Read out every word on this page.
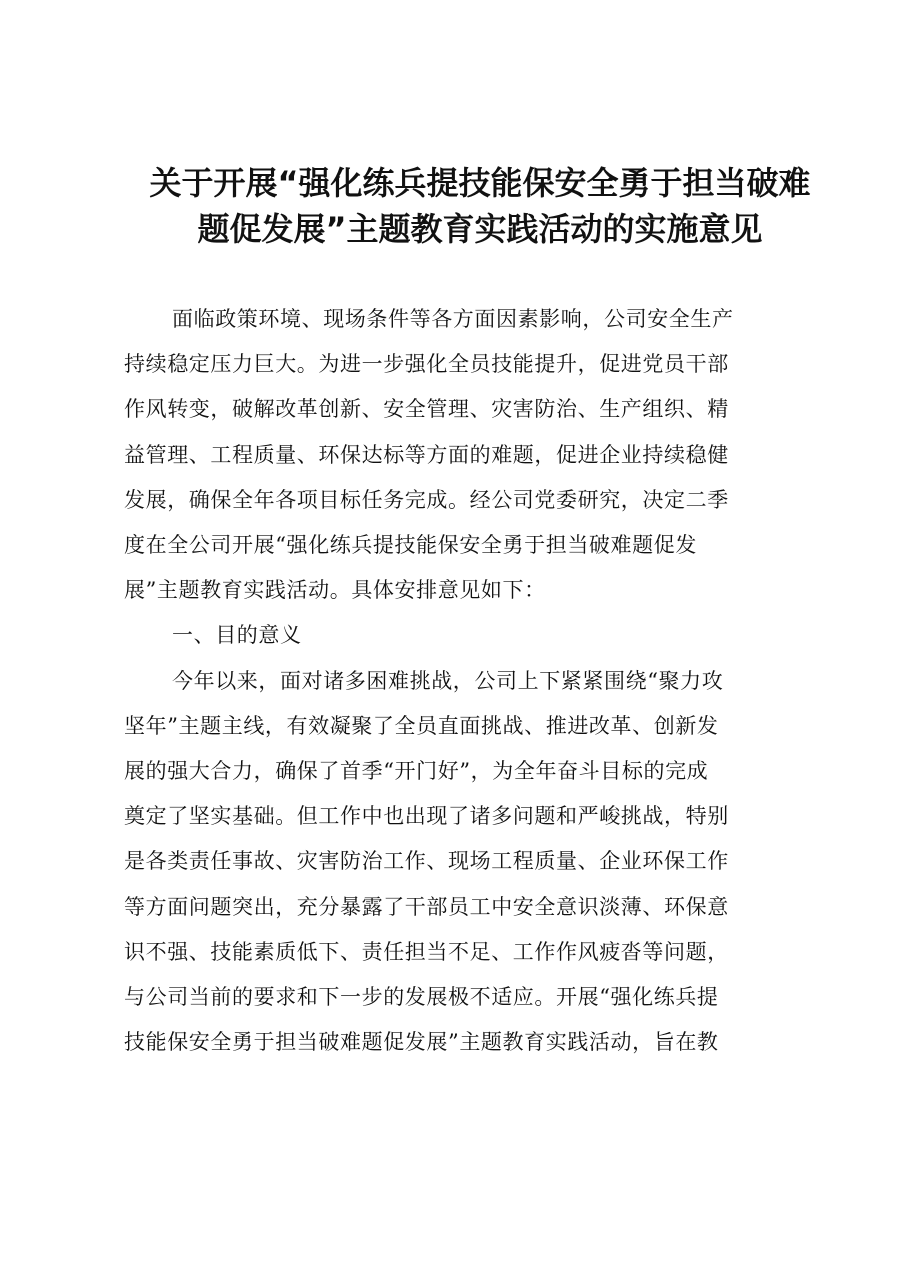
关于开展“强化练兵提技能保安全勇于担当破难
题促发展”主题教育实践活动的实施意见
面临政策环境、现场条件等各方面因素影响，公司安全生产
持续稳定压力巨大。为进一步强化全员技能提升，促进党员干部
作风转变，破解改革创新、安全管理、灾害防治、生产组织、精
益管理、工程质量、环保达标等方面的难题，促进企业持续稳健
发展，确保全年各项目标任务完成。经公司党委研究，决定二季
度在全公司开展“强化练兵提技能保安全勇于担当破难题促发
展”主题教育实践活动。具体安排意见如下：
一、目的意义
今年以来，面对诸多困难挑战，公司上下紧紧围绕“聚力攻
坚年”主题主线，有效凝聚了全员直面挑战、推进改革、创新发
展的强大合力，确保了首季“开门好”，为全年奋斗目标的完成
奠定了坚实基础。但工作中也出现了诸多问题和严峻挑战，特别
是各类责任事故、灾害防治工作、现场工程质量、企业环保工作
等方面问题突出，充分暴露了干部员工中安全意识淡薄、环保意
识不强、技能素质低下、责任担当不足、工作作风疲沓等问题，
与公司当前的要求和下一步的发展极不适应。开展“强化练兵提
技能保安全勇于担当破难题促发展”主题教育实践活动，旨在教
